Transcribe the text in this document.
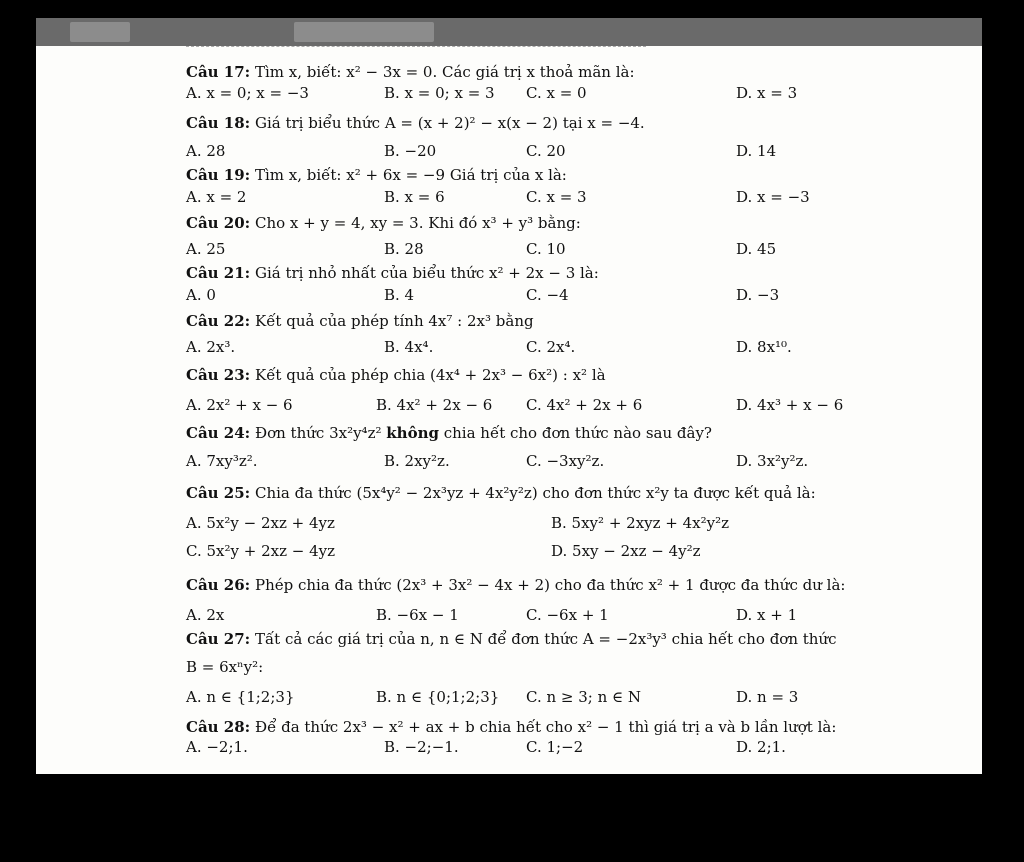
Câu 17: Tìm x, biết: x² − 3x = 0. Các giá trị x thoả mãn là:
A. x = 0; x = −3	B. x = 0; x = 3 C. x = 0	D. x = 3
Câu 18: Giá trị biểu thức A = (x + 2)² − x(x − 2) tại x = −4.
A. 28	B. −20	C. 20	D. 14
Câu 19: Tìm x, biết: x² + 6x = −9 Giá trị của x là:
A. x = 2	B. x = 6	C. x = 3	D. x = −3
Câu 20: Cho x + y = 4, xy = 3. Khi đó x³ + y³ bằng:
A. 25	B. 28	C. 10	D. 45
Câu 21: Giá trị nhỏ nhất của biểu thức x² + 2x − 3 là:
A. 0	B. 4	C. −4	D. −3
Câu 22: Kết quả của phép tính 4x⁷ : 2x³ bằng
A. 2x³.	B. 4x⁴.	C. 2x⁴.	D. 8x¹⁰.
Câu 23: Kết quả của phép chia (4x⁴ + 2x³ − 6x²) : x² là
A. 2x² + x − 6	B. 4x² + 2x − 6 C. 4x² + 2x + 6	D. 4x³ + x − 6
Câu 24: Đơn thức 3x²y⁴z² không chia hết cho đơn thức nào sau đây?
A. 7xy³z².	B. 2xy²z.	C. −3xy²z.	D. 3x²y²z.
Câu 25: Chia đa thức (5x⁴y² − 2x³yz + 4x²y²z) cho đơn thức x²y ta được kết quả là:
A. 5x²y − 2xz + 4yz	B. 5xy² + 2xyz + 4x²y²z
C. 5x²y + 2xz − 4yz	D. 5xy − 2xz − 4y²z
Câu 26: Phép chia đa thức (2x³ + 3x² − 4x + 2) cho đa thức x² + 1 được đa thức dư là:
A. 2x	B. −6x − 1	C. −6x + 1	D. x + 1
Câu 27: Tất cả các giá trị của n, n ∈ N để đơn thức A = −2x³y³ chia hết cho đơn thức
B = 6xⁿy²:
A. n ∈ {1;2;3}	B. n ∈ {0;1;2;3} C. n ≥ 3; n ∈ N	D. n = 3
Câu 28: Để đa thức 2x³ − x² + ax + b chia hết cho x² − 1 thì giá trị a và b lần lượt là:
A. −2;1.	B. −2;−1.	C. 1;−2	D. 2;1.
